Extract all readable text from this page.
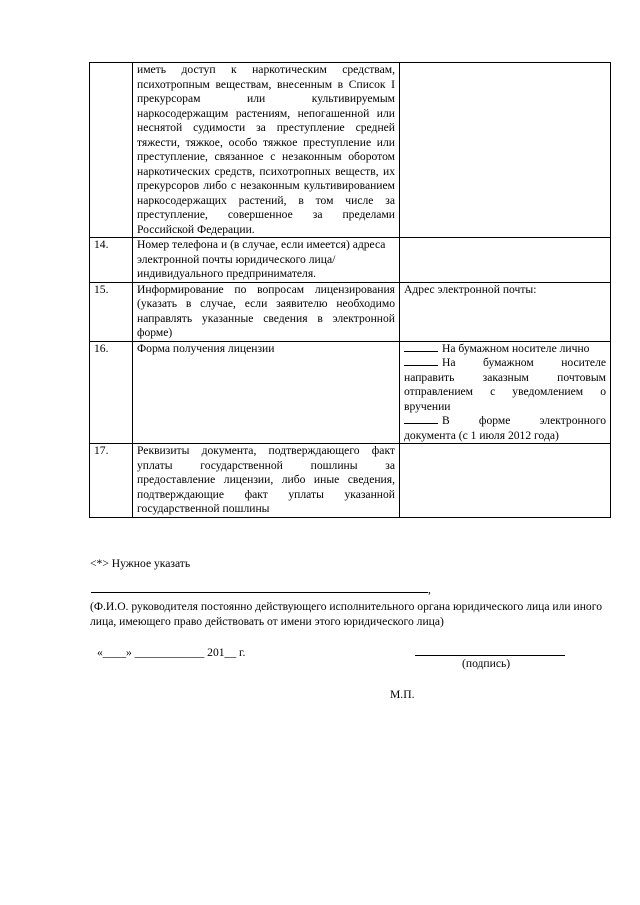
	иметь доступ к наркотическим средствам, психотропным веществам, внесенным в Список I прекурсорам или культивируемым наркосодержащим растениям, непогашенной или неснятой судимости за преступление средней тяжести, тяжкое, особо тяжкое преступление или преступление, связанное с незаконным оборотом наркотических средств, психотропных веществ, их прекурсоров либо с незаконным культивированием наркосодержащих растений, в том числе за преступление, совершенное за пределами Российской Федерации.	
14.	Номер телефона и (в случае, если имеется) адреса электронной почты юридического лица/ индивидуального предпринимателя.	
15.	Информирование по вопросам лицензирования (указать в случае, если заявителю необходимо направлять указанные сведения в электронной форме)	Адрес электронной почты:
16.	Форма получения лицензии	На бумажном носителе лично
На бумажном носителе направить заказным почтовым отправлением с уведомлением о вручении
В форме электронного документа (с 1 июля 2012 года)

17.	Реквизиты документа, подтверждающего факт уплаты государственной пошлины за предоставление лицензии, либо иные сведения, подтверждающие факт уплаты указанной государственной пошлины	
<*> Нужное указать
,
(Ф.И.О. руководителя постоянно действующего исполнительного органа юридического лица или иного лица, имеющего право действовать от имени этого юридического лица)
«____» ____________ 201__ г.
(подпись)
М.П.
